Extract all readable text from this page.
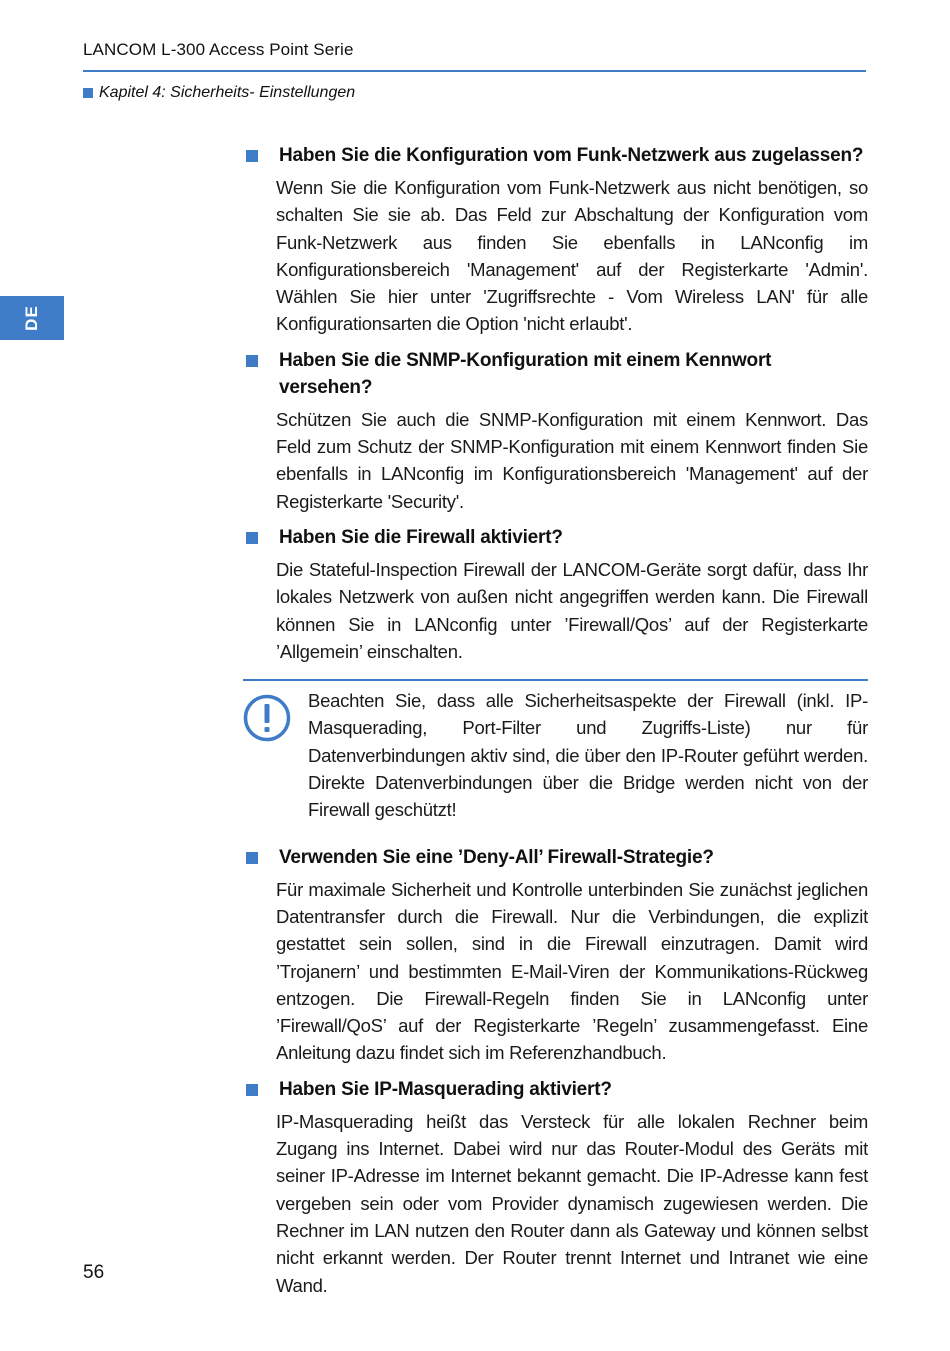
LANCOM L-300 Access Point Serie
Kapitel 4: Sicherheits- Einstellungen
DE
Haben Sie die Konfiguration vom Funk-Netzwerk aus zugelassen?
Wenn Sie die Konfiguration vom Funk-Netzwerk aus nicht benötigen, so schalten Sie sie ab. Das Feld zur Abschaltung der Konfiguration vom Funk-Netzwerk aus finden Sie ebenfalls in LANconfig im Konfigurationsbereich 'Management' auf der Registerkarte 'Admin'. Wählen Sie hier unter 'Zugriffsrechte - Vom Wireless LAN' für alle Konfigurationsarten die Option 'nicht erlaubt'.
Haben Sie die SNMP-Konfiguration mit einem Kennwort versehen?
Schützen Sie auch die SNMP-Konfiguration mit einem Kennwort. Das Feld zum Schutz der SNMP-Konfiguration mit einem Kennwort finden Sie ebenfalls in LANconfig im Konfigurationsbereich 'Management' auf der Registerkarte 'Security'.
Haben Sie die Firewall aktiviert?
Die Stateful-Inspection Firewall der LANCOM-Geräte sorgt dafür, dass Ihr lokales Netzwerk von außen nicht angegriffen werden kann. Die Firewall können Sie in LANconfig unter ’Firewall/Qos’ auf der Registerkarte ’Allgemein’ einschalten.
Beachten Sie, dass alle Sicherheitsaspekte der Firewall (inkl. IP-Masquerading, Port-Filter und Zugriffs-Liste) nur für Datenverbindungen aktiv sind, die über den IP-Router geführt werden. Direkte Datenverbindungen über die Bridge werden nicht von der Firewall geschützt!
Verwenden Sie eine ’Deny-All’ Firewall-Strategie?
Für maximale Sicherheit und Kontrolle unterbinden Sie zunächst jeglichen Datentransfer durch die Firewall. Nur die Verbindungen, die explizit gestattet sein sollen, sind in die Firewall einzutragen. Damit wird ’Trojanern’ und bestimmten E-Mail-Viren der Kommunikations-Rückweg entzogen. Die Firewall-Regeln finden Sie in LANconfig unter ’Firewall/QoS’ auf der Registerkarte ’Regeln’ zusammengefasst. Eine Anleitung dazu findet sich im Referenzhandbuch.
Haben Sie IP-Masquerading aktiviert?
IP-Masquerading heißt das Versteck für alle lokalen Rechner beim Zugang ins Internet. Dabei wird nur das Router-Modul des Geräts mit seiner IP-Adresse im Internet bekannt gemacht. Die IP-Adresse kann fest vergeben sein oder vom Provider dynamisch zugewiesen werden. Die Rechner im LAN nutzen den Router dann als Gateway und können selbst nicht erkannt werden. Der Router trennt Internet und Intranet wie eine Wand.
56
